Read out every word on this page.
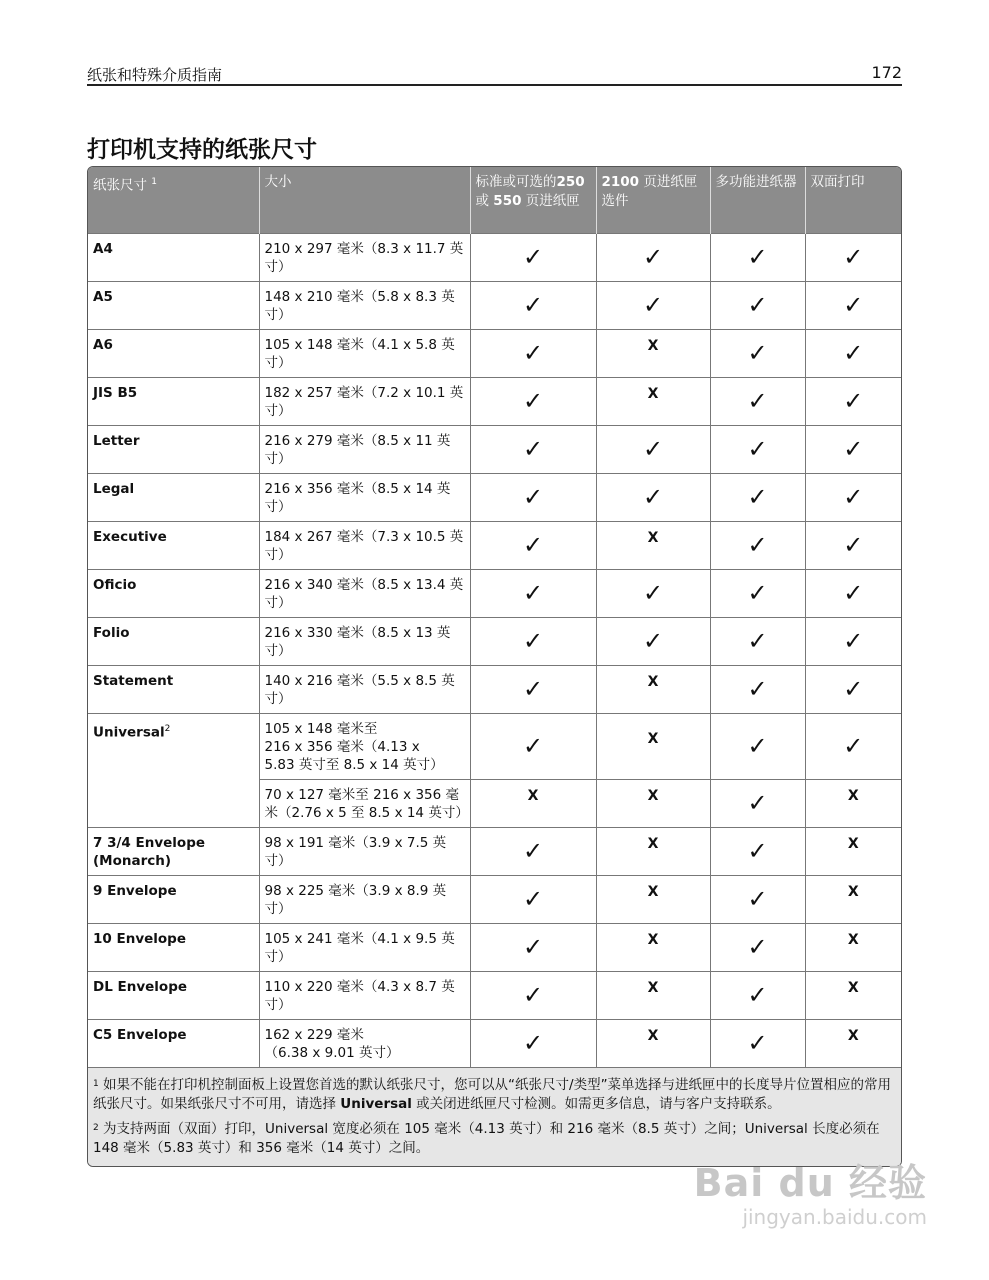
纸张和特殊介质指南	172
打印机支持的纸张尺寸
纸张尺寸 $^1$	大小	标准或可选的250 或 550 页进纸匣	2100 页进纸匣选件	多功能进纸器	双面打印
A4	210 x 297 毫米（8.3 x 11.7 英寸）	✓	✓	✓	✓
A5	148 x 210 毫米（5.8 x 8.3 英寸）	✓	✓	✓	✓
A6	105 x 148 毫米（4.1 x 5.8 英寸）	✓	X	✓	✓
JIS B5	182 x 257 毫米（7.2 x 10.1 英寸）	✓	X	✓	✓
Letter	216 x 279 毫米（8.5 x 11 英寸）	✓	✓	✓	✓
Legal	216 x 356 毫米（8.5 x 14 英寸）	✓	✓	✓	✓
Executive	184 x 267 毫米（7.3 x 10.5 英寸）	✓	X	✓	✓
Oficio	216 x 340 毫米（8.5 x 13.4 英寸）	✓	✓	✓	✓
Folio	216 x 330 毫米（8.5 x 13 英寸）	✓	✓	✓	✓
Statement	140 x 216 毫米（5.5 x 8.5 英寸）	✓	X	✓	✓
Universal$^2$	105 x 148 毫米至
216 x 356 毫米（4.13 x
5.83 英寸至 8.5 x 14 英寸）	✓	X	✓	✓

	70 x 127 毫米至 216 x 356 毫
米（2.76 x 5 至 8.5 x 14 英寸）	X	X	✓	X
7 3/4 Envelope (Monarch)	98 x 191 毫米（3.9 x 7.5 英寸）	✓	X	✓	X
9 Envelope	98 x 225 毫米（3.9 x 8.9 英寸）	✓	X	✓	X
10 Envelope	105 x 241 毫米（4.1 x 9.5 英寸）	✓	X	✓	X
DL Envelope	110 x 220 毫米（4.3 x 8.7 英寸）	✓	X	✓	X
C5 Envelope	162 x 229 毫米
（6.38 x 9.01 英寸）	✓	X	✓	X

$^1$ 如果不能在打印机控制面板上设置您首选的默认纸张尺寸，您可以从“纸张尺寸/类型”菜单选择与进纸匣中的长度导片位置相应的常用纸张尺寸。如果纸张尺寸不可用，请选择 Universal 或关闭进纸匣尺寸检测。如需更多信息，请与客户支持联系。

$^2$ 为支持两面（双面）打印，Universal 宽度必须在 105 毫米（4.13 英寸）和 216 毫米（8.5 英寸）之间；Universal 长度必须在 148 毫米（5.83 英寸）和 356 毫米（14 英寸）之间。

Bai du 经验
jingyan.baidu.com
